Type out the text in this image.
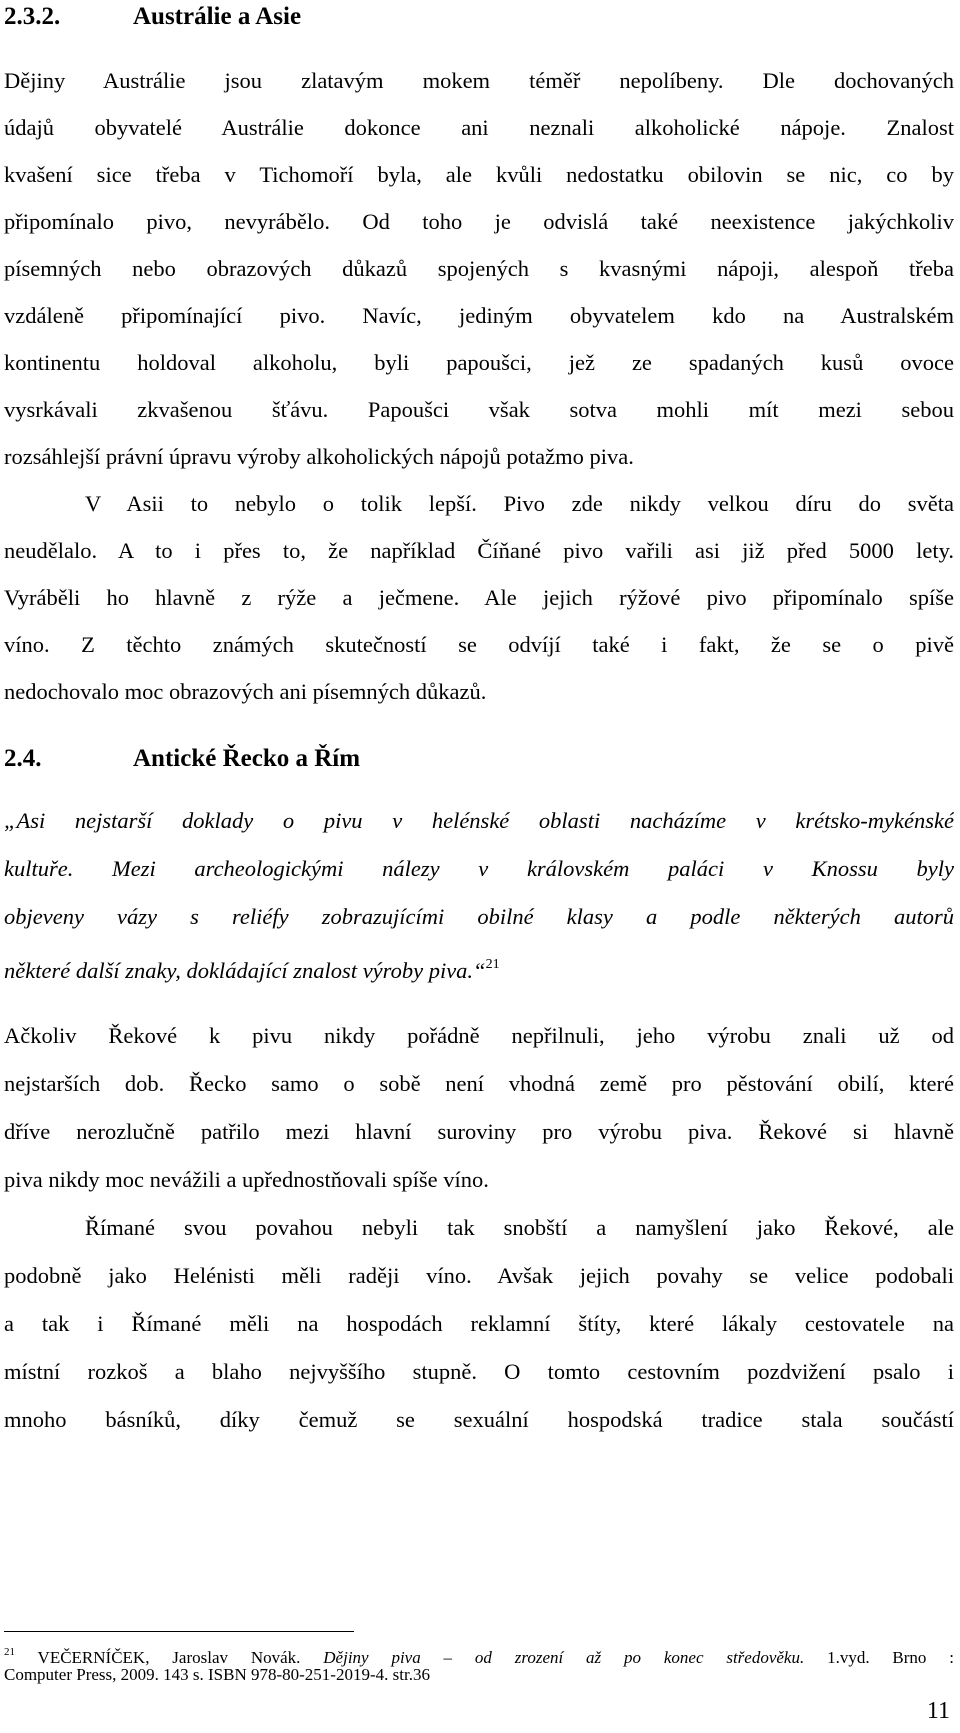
2.3.2.	Austrálie a Asie

Dějiny Austrálie jsou zlatavým mokem téměř nepolíbeny. Dle dochovaných

údajů obyvatelé Austrálie dokonce ani neznali alkoholické nápoje. Znalost

kvašení sice třeba v Tichomoří byla, ale kvůli nedostatku obilovin se nic, co by

připomínalo pivo, nevyrábělo. Od toho je odvislá také neexistence jakýchkoliv

písemných nebo obrazových důkazů spojených s kvasnými nápoji, alespoň třeba

vzdáleně připomínající pivo. Navíc, jediným obyvatelem kdo na Australském

kontinentu holdoval alkoholu, byli papoušci, jež ze spadaných kusů ovoce

vysrkávali zkvašenou šťávu. Papoušci však sotva mohli mít mezi sebou

rozsáhlejší právní úpravu výroby alkoholických nápojů potažmo piva.

V Asii to nebylo o tolik lepší. Pivo zde nikdy velkou díru do světa

neudělalo. A to i přes to, že například Číňané pivo vařili asi již před 5000 lety.

Vyráběli ho hlavně z rýže a ječmene. Ale jejich rýžové pivo připomínalo spíše

víno. Z těchto známých skutečností se odvíjí také i fakt, že se o pivě

nedochovalo moc obrazových ani písemných důkazů.

2.4.	Antické Řecko a Řím

„Asi nejstarší doklady o pivu v helénské oblasti nacházíme v krétsko-mykénské

kultuře. Mezi archeologickými nálezy v královském paláci v Knossu byly

objeveny vázy s reliéfy zobrazujícími obilné klasy a podle některých autorů

některé další znaky, dokládající znalost výroby piva.“$^{21}$

Ačkoliv Řekové k pivu nikdy pořádně nepřilnuli, jeho výrobu znali už od

nejstarších dob. Řecko samo o sobě není vhodná země pro pěstování obilí, které

dříve nerozlučně patřilo mezi hlavní suroviny pro výrobu piva. Řekové si hlavně

piva nikdy moc nevážili a upřednostňovali spíše víno.

Římané svou povahou nebyli tak snobští a namyšlení jako Řekové, ale

podobně jako Helénisti měli raději víno. Avšak jejich povahy se velice podobali

a tak i Římané měli na hospodách reklamní štíty, které lákaly cestovatele na

místní rozkoš a blaho nejvyššího stupně. O tomto cestovním pozdvižení psalo i

mnoho básníků, díky čemuž se sexuální hospodská tradice stala součástí

$^{21}$ VEČERNÍČEK, Jaroslav Novák. Dějiny piva – od zrození až po konec středověku. 1.vyd. Brno :
Computer Press, 2009. 143 s. ISBN 978-80-251-2019-4. str.36
11
